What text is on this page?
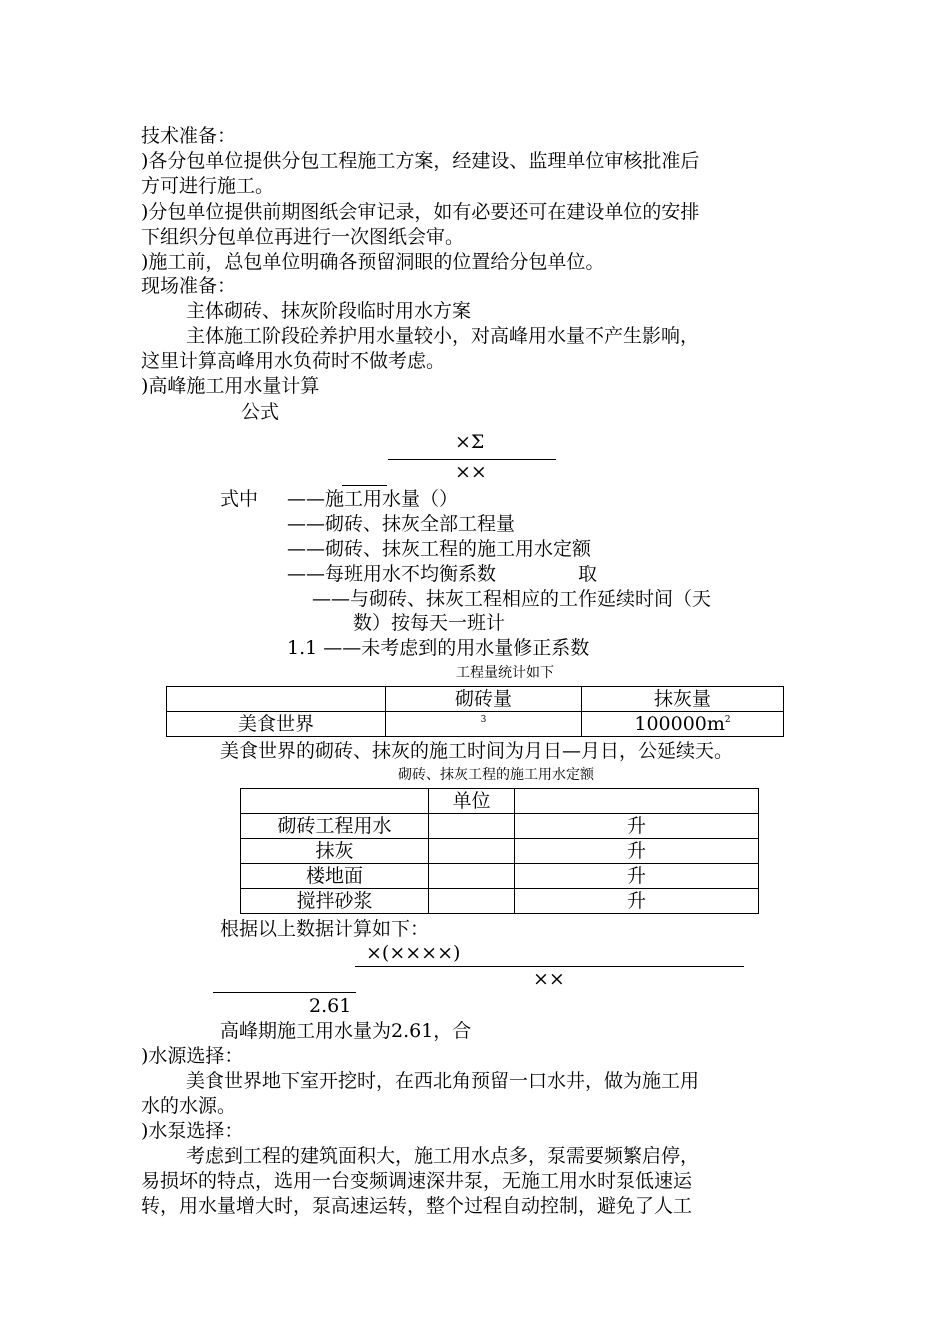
技术准备：
)各分包单位提供分包工程施工方案，经建设、监理单位审核批准后
方可进行施工。
)分包单位提供前期图纸会审记录，如有必要还可在建设单位的安排
下组织分包单位再进行一次图纸会审。
)施工前，总包单位明确各预留洞眼的位置给分包单位。
现场准备：
主体砌砖、抹灰阶段临时用水方案
主体施工阶段砼养护用水量较小，对高峰用水量不产生影响，
这里计算高峰用水负荷时不做考虑。
)高峰施工用水量计算
公式
×Σ
××
式中 ——施工用水量（）
——砌砖、抹灰全部工程量
——砌砖、抹灰工程的施工用水定额
——每班用水不均衡系数	取
——与砌砖、抹灰工程相应的工作延续时间（天
数）按每天一班计
1.1 ——未考虑到的用水量修正系数
工程量统计如下
	砌砖量	抹灰量
美食世界	$^3$	$100000m^2$
美食世界的砌砖、抹灰的施工时间为月日—月日，公延续天。
砌砖、抹灰工程的施工用水定额
	单位	
砌砖工程用水		升
抹灰		升
楼地面		升
搅拌砂浆		升
根据以上数据计算如下：
×(××××)
××
2.61
高峰期施工用水量为2.61，合
)水源选择：
美食世界地下室开挖时，在西北角预留一口水井，做为施工用
水的水源。
)水泵选择：
考虑到工程的建筑面积大，施工用水点多，泵需要频繁启停，
易损坏的特点，选用一台变频调速深井泵，无施工用水时泵低速运
转，用水量增大时，泵高速运转，整个过程自动控制，避免了人工
